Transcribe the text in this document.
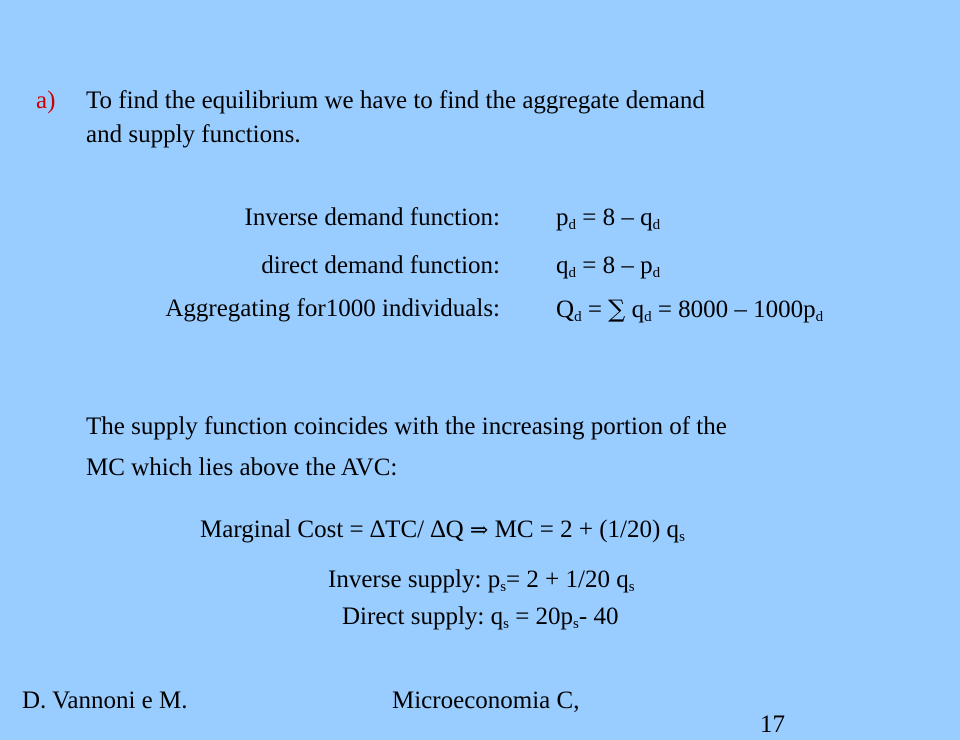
a) To find the equilibrium we have to find the aggregate demand
and supply functions.
Inverse demand function:
direct demand function:
Aggregating for1000 individuals:
$p_d = 8 - q_d$
$q_d = 8 - p_d$
$Q_d$ = ∑ $q_d = 8000 - 1000p_d$
The supply function coincides with the increasing portion of the
MC which lies above the AVC:
Marginal Cost = ∆TC/ ∆Q ⇒ MC = 2 + (1/20) $q_s$
Inverse supply: $p_s= 2 + 1/20$ $q_s$
Direct supply: $q_s = 20p_s-$ 40
D. Vannoni e M.	Microeconomia C,
17
